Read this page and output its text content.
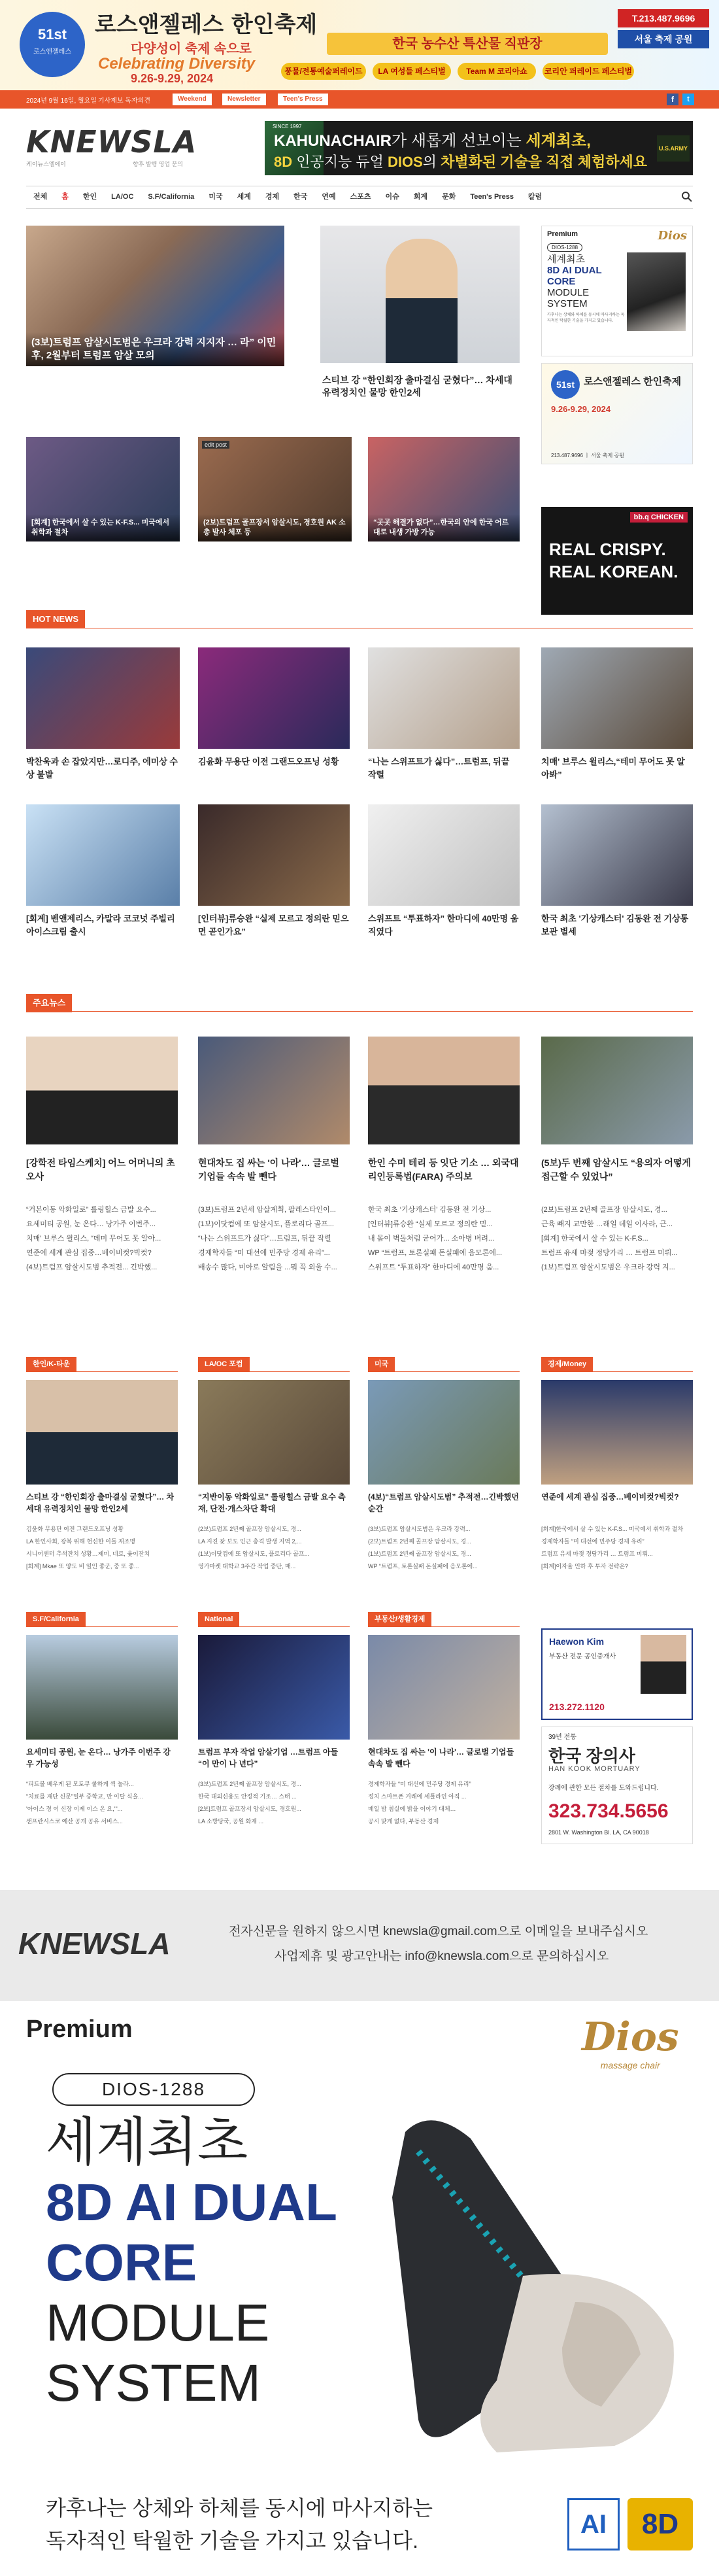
51st
로스앤젤레스
로스앤젤레스 한인축제
다양성이 축제 속으로
Celebrating Diversity
9.26-9.29, 2024
한국 농수산 특산물 직판장
풍물/전통예술퍼레이드	LA 여성들 페스티벌	Team M 코리아쇼	코리안 퍼레이드 페스티벌
T.213.487.9696
서울 축제 공원
2024년 9월 16일, 월요일 기사제보 독자의견	Weekend	Newsletter	Teen's Press	f	t
KNEWSLA
케이뉴스엘에이	향후 발행 영업 문의
SINCE 1997
KAHUNACHAIR가 새롭게 선보이는 세계최초,
8D 인공지능 듀얼 DIOS의 차별화된 기술을 직접 체험하세요
U.S.ARMY
전체	홈	한인	LA/OC	S.F/California	미국	세계	경제	한국	연예	스포츠	이슈	회계	문화	Teen's Press	칼럼
(3보)트럼프 암살시도범은 우크라 강력 지지자 … 라” 이민 후, 2월부터 트럼프 암살 모의
스티브 강 “한인회장 출마결심 굳혔다”… 차세대 유력정치인 물망 한인2세
[회계] 한국에서 살 수 있는 K-F.S... 미국에서 취학과 절차
edit post
(2보)트럼프 골프장서 암살시도, 경호원 AK 소총 발사 체포 등
“곳곳 해결가 없다”…한국의 안에 한국 어르 대로 내생 가방 가능
Premium	Dios
DIOS-1288
세계최초
8D AI DUAL
CORE
MODULE
SYSTEM
카후나는 상체와 하체를 동시에 마사지하는 독자적인 탁월한 기술을 가지고 있습니다.
51st 로스앤젤레스 한인축제
9.26-9.29, 2024
213.487.9696 ㅣ 서울 축제 공원
bb.q CHICKEN
REAL CRISPY.
REAL KOREAN.
HOT NEWS
박찬욱과 손 잡았지만…로디주, 에미상 수상 불발
김윤화 무용단 이전 그랜드오프닝 성황	“나는 스위프트가 싫다”…트럼프, 뒤끝 작렬
치매' 브루스 윌리스,“테미 무어도 못 알아봐”
[회계] 벤앤제리스, 카말라 코코넛 주빌리 아이스크림 출시
[인터뷰]류승완 “실제 모르고 정의란 믿으면 곧인가요”
스위프트 “투표하자” 한마디에 40만명 움직였다
한국 최초 '기상캐스터' 김동완 전 기상통보관 별세
주요뉴스
[강학전 타임스케치] 어느 어머니의 초오사
“거본이동 악화일로” 롤링힐스 금발 요수...
요세미티 공원, 눈 온다… 낭가주 이번주...
치매’ 브루스 윌리스, “데미 무어도 못 알아...
연준에 세계 관심 집중…베이비컷?빅컷?
(4보)트럼프 암살시도범 추적전... 긴박했...
현대차도 집 싸는 '이 나라'… 글로벌 기업들 속속 발 뺀다
(3보)트럼프 2년세 암살계획, 팔레스타인이...
(1보)이닷컴에 또 암살시도, 플로리다 골프...
“나는 스위프트가 싫다”…트럼프, 뒤끝 작렬
경제학자들 “미 대선에 민주당 경제 유리”...
배송수 많다, 미아로 알림을 ...뭐 꼭 외울 수...
한인 수미 테리 등 잇단 기소 … 외국대리인등록법(FARA) 주의보
한국 최초 ‘기상캐스터’ 김동완 전 기상...
[인터뷰]류승완 “실제 모르고 정의란 믿...
내 몸이 벽돌처럼 굳어가... 소아병 버려...
WP “트럼프, 토론실패 돈실패에 음모론에...
스위프트 “투표하자” 한마디에 40만명 움...
(5보)두 번째 암살시도 “용의자 어떻게 접근할 수 있었나”
(2보)트럼프 2년째 골프장 암살시도, 경...
근육 빼지 교만한 …래일 데일 이사라, 근...
[회계] 한국에서 살 수 있는 K-F.S...
트럼프 유세 마젖 정당가리 … 트럼프 미뤄...
(1보)트럼프 암살시도범은 우크라 강력 지...
한인/K-타운
스티브 강 “한인회장 출마결심 굳혔다”… 차세대 유력정치인 물망 한인2세
김윤화 무용단 이전 그랜드오프닝 성황
LA 한인사회, 광복 위해 헌신한 이들 재조명
시니어센터 추석잔치 성황…제미, 네로, 윷이잔치
[회계] Mkae 또 양도 비 일인 좋군, 중 또 좋...
LA/OC 포컴
“지반이동 악화일로” 롤링힐스 금발 요수 측 재, 단전·개스차단 확대
(2보)트럼프 2년째 골프장 암살시도, 경...
LA 지진 잦 보도 인근 총격 발생 지역 2,...
(1보)이닷컴에 또 암살시도, 플로리다 골프...
영가마켓 대학교 3주간 작업 중단, 매...
미국
(4보)“트럼프 암살시도범” 추적전…긴박했던 순간
(3보)트럼프 암살시도범은 우크라 강력...
(2보)트럼프 2년째 골프장 암살시도, 경...
(1보)트럼프 2년째 골프장 암살시도, 경...
WP “트럼프, 토론실패 돈실패에 음모론에...
경제/Money
연준에 세계 관심 집중…베이비컷?빅컷?
[회계]한국에서 살 수 있는 K-F.S... 미국에서 취학과 절차
경제학자들 “미 대선에 민주당 경제 유리”
트럼프 유세 마젖 정당가리 … 트럼프 미뤄...
[회계]이자율 인하 후 투자 전략은?
S.F/California
요세미티 공원, 눈 온다… 낭가주 이번주 강우 가능성
“피트볼 배우게 된 모토쿠 쿨하게 씩 놀라...
“치료를 재단 신문”일부 중학교, 만 이탈 식을...
'아이스 정 어 신장 이제 이스 온 요,'"...
샌프란시스코 예산 공개 공유 서비스...
National
트럼프 부자 작업 암살기업 …트럼프 아들 “이 만이 나 년다”
(3보)트럼프 2년째 골프장 암살시도, 경...
한국 대외신용도 안정적 기조… 스태 ...
[2보]트럼프 골프장서 암살시도, 경호원...
LA 소방당국, 공원 화재 ...
부동산/생활경제
현대차도 집 싸는 '이 나라'… 글로벌 기업들 속속 발 뺀다
경제학자들 “미 대선에 민주당 경제 유리”
정치 스마트폰 거래에 세틀라인 아직 ...
매일 밤 침실에 밝을 이야기 대체…
공시 맞게 없다, 부동산 경제
Haewon Kim
부동산 전문 공인중개사
213.272.1120
39년 전통
한국 장의사
HAN KOOK MORTUARY
장례에 관한 모든 절차를 도와드립니다.
323.734.5656
2801 W. Washington Bl. LA, CA 90018
KNEWSLA	전자신문을 원하지 않으시면 knewsla@gmail.com으로 이메일을 보내주십시오
사업제휴 및 광고안내는 info@knewsla.com으로 문의하십시오
Premium	Dios
massage chair
DIOS-1288
세계최초
8D AI DUAL
CORE
MODULE
SYSTEM
카후나는 상체와 하체를 동시에 마사지하는
독자적인 탁월한 기술을 가지고 있습니다.
AI	8D
